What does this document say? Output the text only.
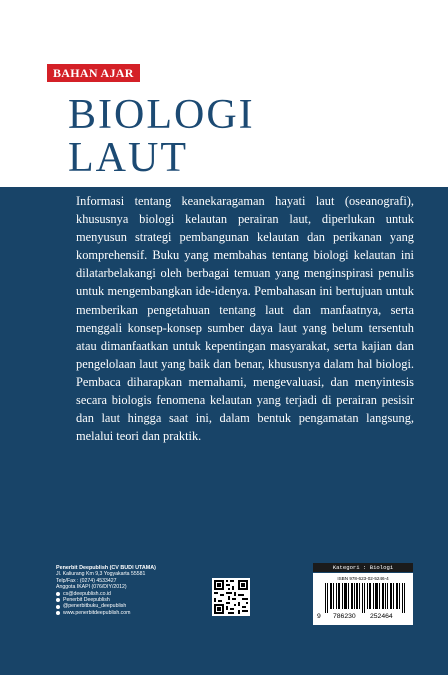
BAHAN AJAR
BIOLOGI
LAUT

Informasi tentang keanekaragaman hayati laut (oseanografi), khususnya biologi kelautan perairan laut, diperlukan untuk menyusun strategi pembangunan kelautan dan perikanan yang komprehensif. Buku yang membahas tentang biologi kelautan ini dilatarbelakangi oleh berbagai temuan yang menginspirasi penulis untuk mengembangkan ide-idenya. Pembahasan ini bertujuan untuk memberikan pengetahuan tentang laut dan manfaatnya, serta menggali konsep-konsep sumber daya laut yang belum tersentuh atau dimanfaatkan untuk kepentingan masyarakat, serta kajian dan pengelolaan laut yang baik dan benar, khususnya dalam hal biologi. Pembaca diharapkan memahami, mengevaluasi, dan menyintesis secara biologis fenomena kelautan yang terjadi di perairan pesisir dan laut hingga saat ini, dalam bentuk pengamatan langsung, melalui teori dan praktik.

Penerbit Deepublish (CV BUDI UTAMA)
Jl. Kaliurang Km 9,3 Yogyakarta 55581
Telp/Fax : (0274) 4533427
Anggota IKAPI (076/DIY/2012)
cs@deepublish.co.id
Penerbit Deepublish
@penerbitbuku_deepublish
www.penerbitdeepublish.com
Kategori : Biologi
ISBN 978-623-02-5246-4
9 786230 252464
